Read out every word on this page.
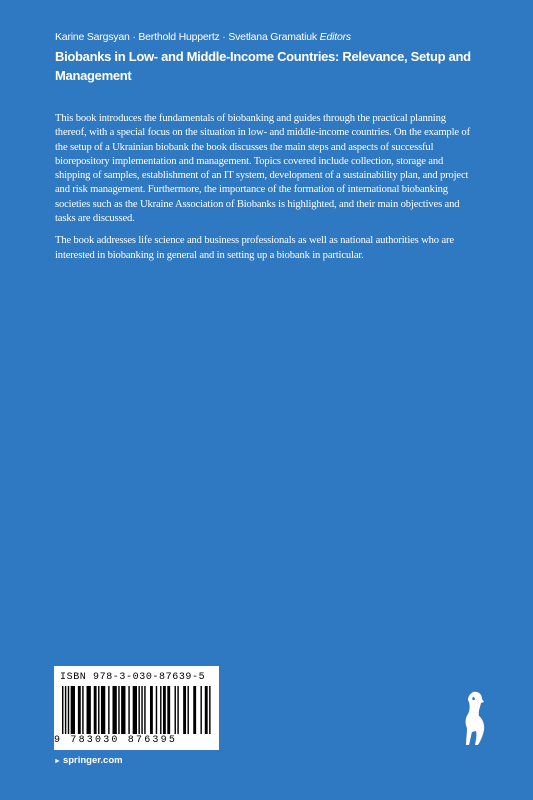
Karine Sargsyan · Berthold Huppertz · Svetlana Gramatiuk Editors
Biobanks in Low- and Middle-Income Countries: Relevance, Setup and Management

This book introduces the fundamentals of biobanking and guides through the practical planning thereof, with a special focus on the situation in low- and middle-income countries. On the example of the setup of a Ukrainian biobank the book discusses the main steps and aspects of successful biorepository implementation and management. Topics covered include collection, storage and shipping of samples, establishment of an IT system, development of a sustainability plan, and project and risk management. Furthermore, the importance of the formation of international biobanking societies such as the Ukraine Association of Biobanks is highlighted, and their main objectives and tasks are discussed.

The book addresses life science and business professionals as well as national authorities who are interested in biobanking in general and in setting up a biobank in particular.

ISBN 978-3-030-87639-5
9 783030 876395
► springer.com
